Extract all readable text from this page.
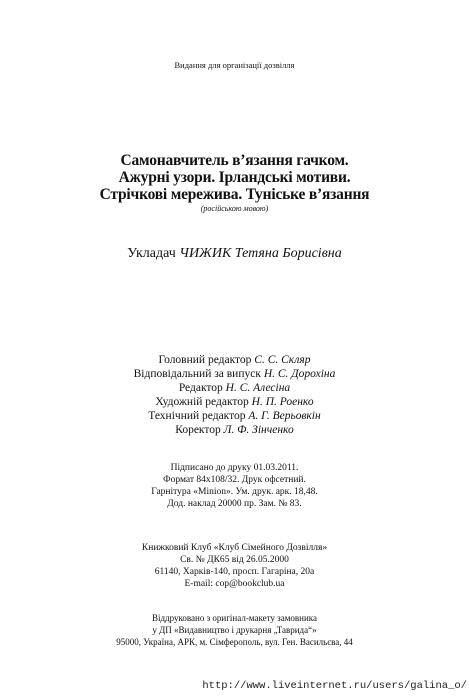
Видання для організації дозвілля
Самонавчитель в’язання гачком.
Ажурні узори. Ірландські мотиви.
Стрічкові мережива. Туніське в’язання
(російською мовою)
Укладач ЧИЖИК Тетяна Борисівна
Головний редактор С. С. Скляр
Відповідальний за випуск Н. С. Дорохіна
Редактор Н. С. Алесіна
Художній редактор Н. П. Роенко
Технічний редактор А. Г. Верьовкін
Коректор Л. Ф. Зінченко
Підписано до друку 01.03.2011.
Формат 84x108/32. Друк офсетний.
Гарнітура «Minion». Ум. друк. арк. 18,48.
Дод. наклад 20000 пр. Зам. № 83.
Книжковий Клуб «Клуб Сімейного Дозвілля»
Св. № ДК65 від 26.05.2000
61140, Харків-140, просп. Гагаріна, 20а
E-mail: cop@bookclub.ua
Віддруковано з оригінал-макету замовника
у ДП «Видавництво і друкарня „Таврида“»
95000, Україна, АРК, м. Сімферополь, вул. Ген. Васильєва, 44
http://www.liveinternet.ru/users/galina_o/
